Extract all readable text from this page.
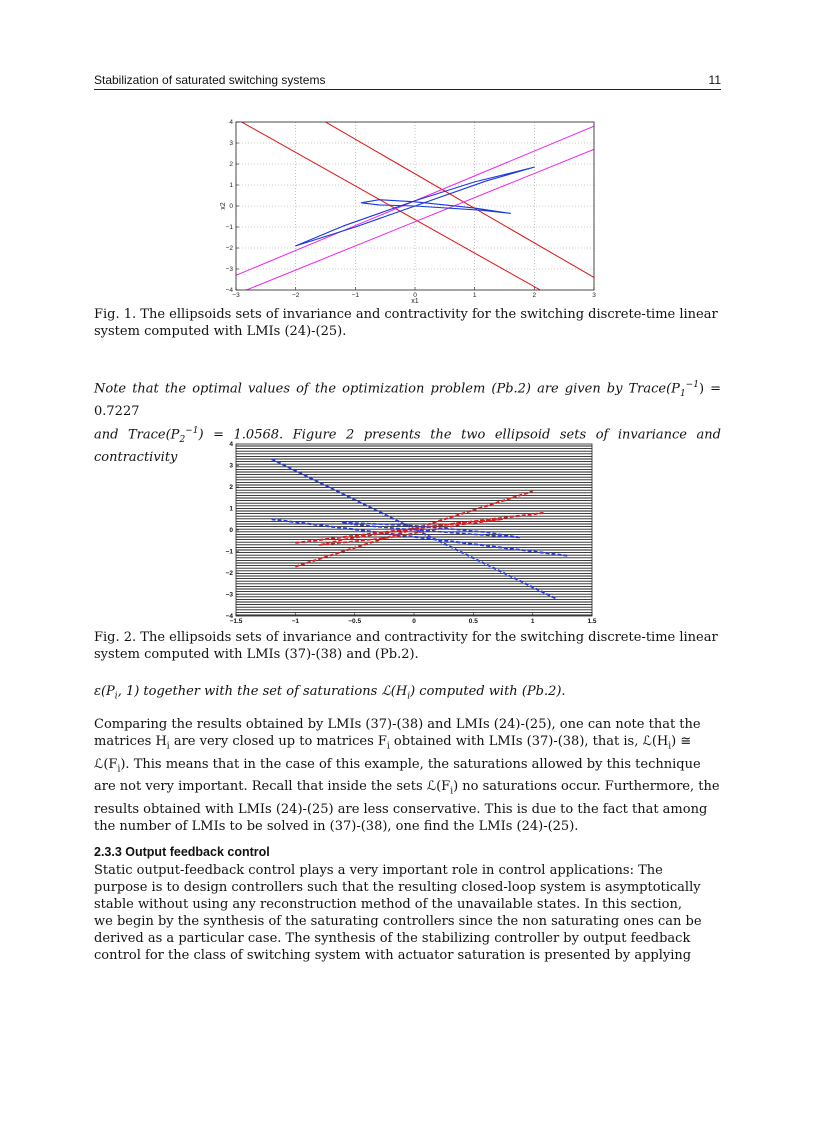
Stabilization of saturated switching systems	11
−3	−2	−1	0	1	2	3
−4
−3
−2
−1
0
1
2
3
4
x1
x2
Fig. 1. The ellipsoids sets of invariance and contractivity for the switching discrete-time linear system computed with LMIs (24)-(25).
Note that the optimal values of the optimization problem (Pb.2) are given by $Trace(P_1^{-1}) = 0.7227$
and $Trace(P_2^{-1}) = 1.0568$. Figure 2 presents the two ellipsoid sets of invariance and contractivity
−1.5	−1	−0.5	0	0.5	1	1.5
−4
−3
−2
−1
0
1
2
3
4
Fig. 2. The ellipsoids sets of invariance and contractivity for the switching discrete-time linear system computed with LMIs (37)-(38) and (Pb.2).
$\varepsilon(P_i$, 1) together with the set of saturations $ℒ(H_i)$ computed with (Pb.2).
Comparing the results obtained by LMIs (37)-(38) and LMIs (24)-(25), one can note that the
matrices $H_i$ are very closed up to matrices $F_i$ obtained with LMIs (37)-(38), that is, $ℒ(H_i)$ ≅
$ℒ(F_i)$. This means that in the case of this example, the saturations allowed by this technique
are not very important. Recall that inside the sets $ℒ(F_i)$ no saturations occur. Furthermore, the
results obtained with LMIs (24)-(25) are less conservative. This is due to the fact that among
the number of LMIs to be solved in (37)-(38), one find the LMIs (24)-(25).
2.3.3 Output feedback control
Static output-feedback control plays a very important role in control applications: The
purpose is to design controllers such that the resulting closed-loop system is asymptotically
stable without using any reconstruction method of the unavailable states. In this section,
we begin by the synthesis of the saturating controllers since the non saturating ones can be
derived as a particular case. The synthesis of the stabilizing controller by output feedback
control for the class of switching system with actuator saturation is presented by applying
